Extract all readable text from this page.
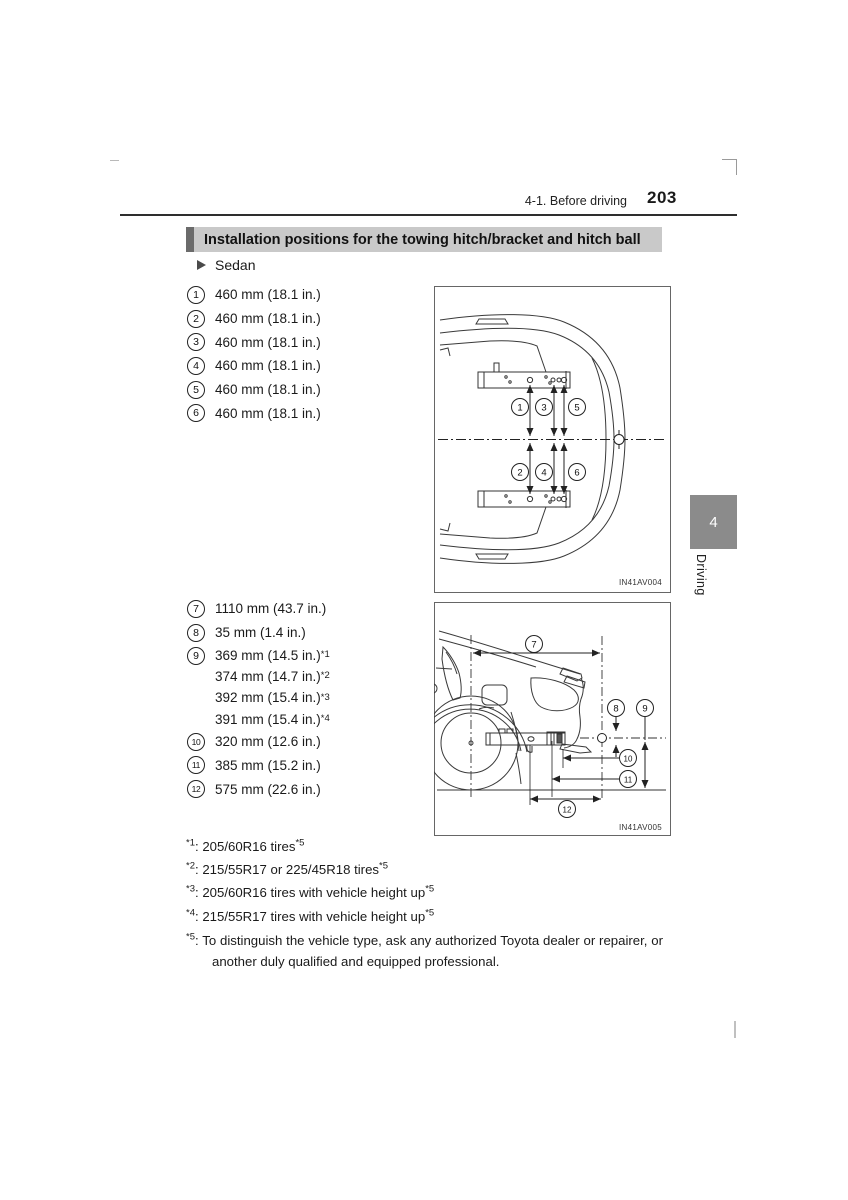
4-1. Before driving 203
Installation positions for the towing hitch/bracket and hitch ball
Sedan
1	460 mm (18.1 in.)
2	460 mm (18.1 in.)
3	460 mm (18.1 in.)
4	460 mm (18.1 in.)
5	460 mm (18.1 in.)
6	460 mm (18.1 in.)	1 3	5
2 4	6
IN41AV004
7	1110 mm (43.7 in.)
8	35 mm (1.4 in.)
9	369 mm (14.5 in.) *1
374 mm (14.7 in.) *2
392 mm (15.4 in.) *3
391 mm (15.4 in.) *4
10	320 mm (12.6 in.)
11	385 mm (15.2 in.)
12	575 mm (22.6 in.)
7
8 9
10
11
12
IN41AV005
$^{*1}$: 205/60R16 tires$^{*5}$
$^{*2}$: 215/55R17 or 225/45R18 tires$^{*5}$
$^{*3}$: 205/60R16 tires with vehicle height $up^{*5}$
$^{*4}$: 215/55R17 tires with vehicle height $up^{*5}$
$^{*5}$: To distinguish the vehicle type, ask any authorized Toyota dealer or repairer, or another duly qualified and equipped professional.
4
Driving
